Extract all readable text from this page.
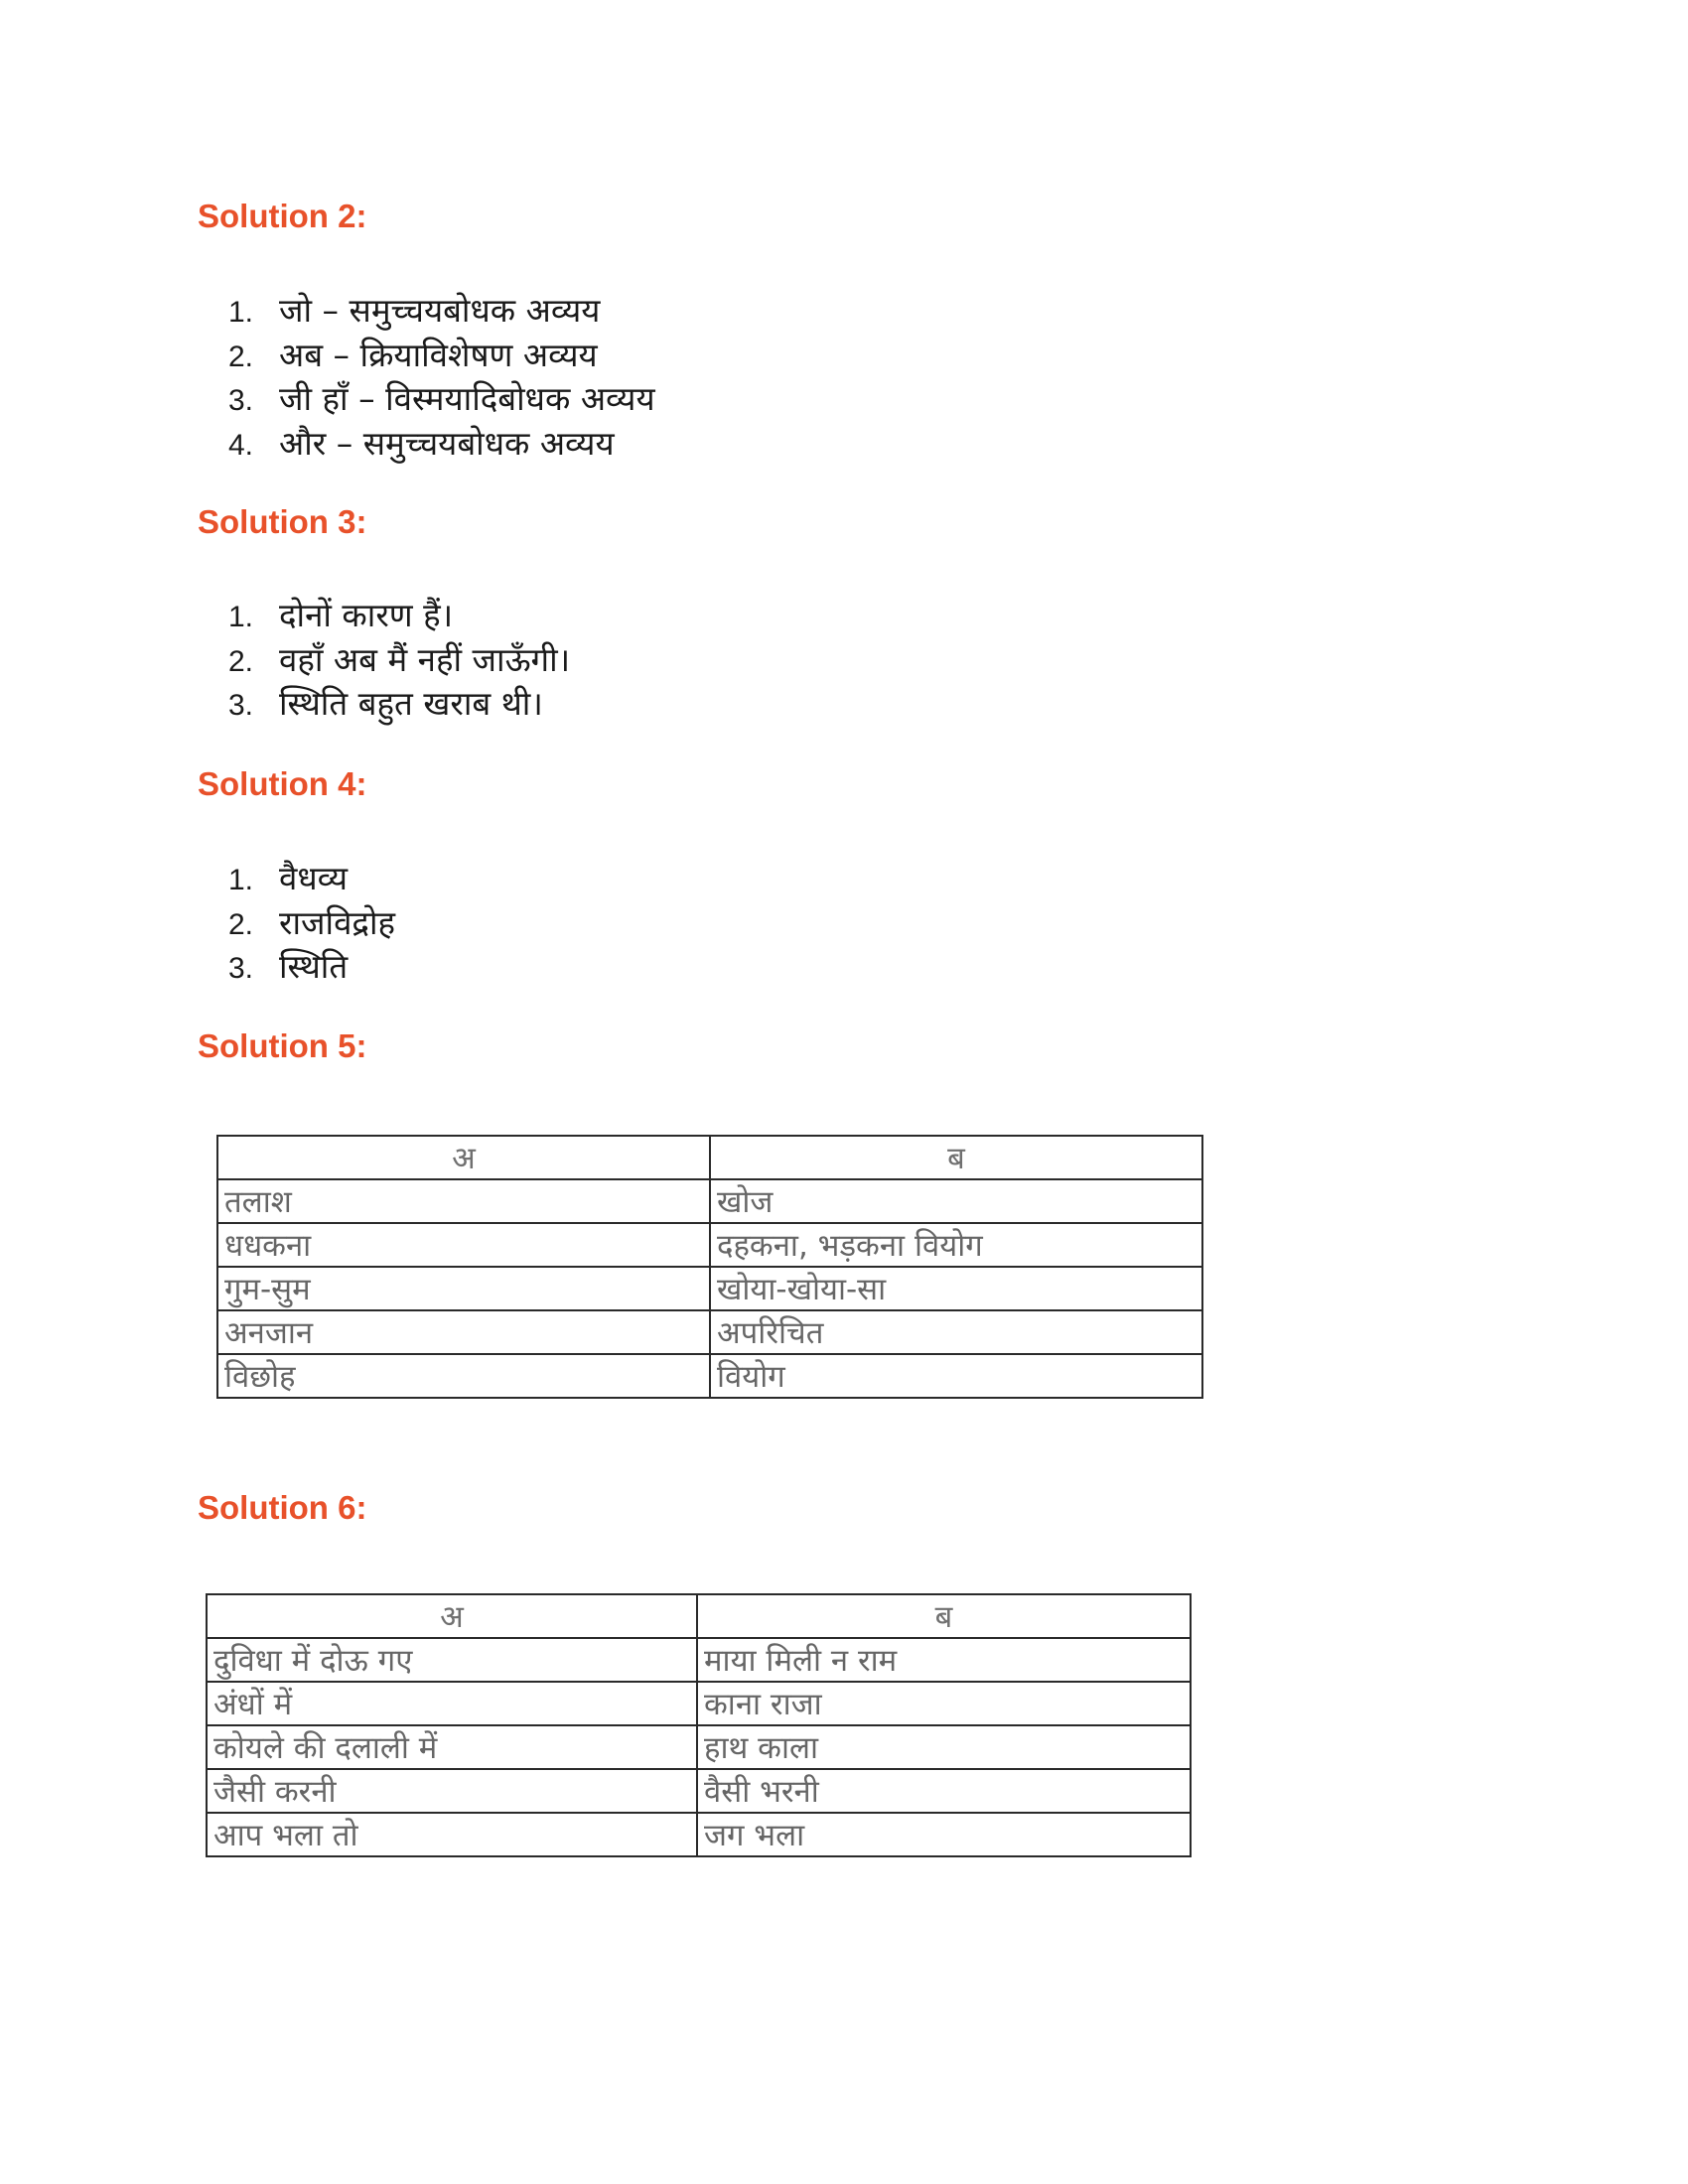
Solution 2:
1. जो – समुच्चयबोधक अव्यय
2. अब – क्रियाविशेषण अव्यय
3. जी हाँ – विस्मयादिबोधक अव्यय
4. और – समुच्चयबोधक अव्यय
Solution 3:
1. दोनों कारण हैं।
2. वहाँ अब मैं नहीं जाऊँगी।
3. स्थिति बहुत खराब थी।
Solution 4:
1. वैधव्य
2. राजविद्रोह
3. स्थिति
Solution 5:
अ	ब
तलाश	खोज
धधकना	दहकना, भड़कना वियोग
गुम-सुम	खोया-खोया-सा
अनजान	अपरिचित
विछोह	वियोग
Solution 6:
अ	ब
दुविधा में दोऊ गए	माया मिली न राम
अंधों में	काना राजा
कोयले की दलाली में	हाथ काला
जैसी करनी	वैसी भरनी
आप भला तो	जग भला
